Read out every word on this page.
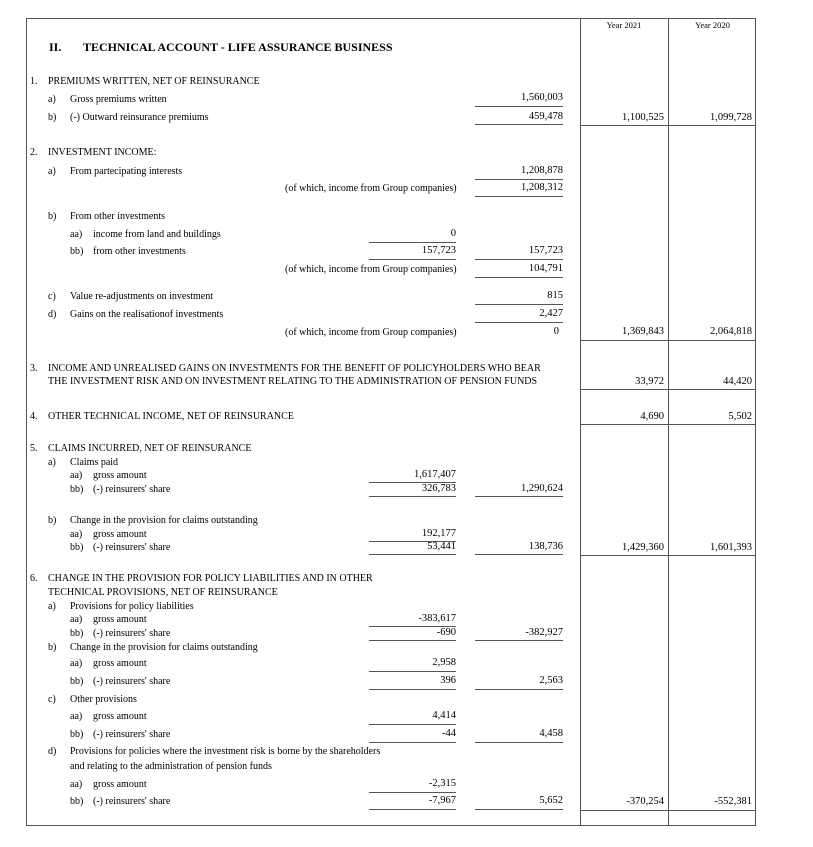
Year 2021	Year 2020
II. TECHNICAL ACCOUNT - LIFE ASSURANCE BUSINESS
1. PREMIUMS WRITTEN, NET OF REINSURANCE
a) Gross premiums written	1,560,003
b) (-) Outward reinsurance premiums	459,478	1,100,525	1,099,728
2. INVESTMENT INCOME:
a) From partecipating interests	1,208,878
(of which, income from Group companies)	1,208,312
b) From other investments
aa) income from land and buildings	0
bb) from other investments	157,723	157,723
(of which, income from Group companies)	104,791
c) Value re-adjustments on investment	815
d) Gains on the realisationof investments	2,427
(of which, income from Group companies)	0	1,369,843	2,064,818
3. INCOME AND UNREALISED GAINS ON INVESTMENTS FOR THE BENEFIT OF POLICYHOLDERS WHO BEAR
THE INVESTMENT RISK AND ON INVESTMENT RELATING TO THE ADMINISTRATION OF PENSION FUNDS	33,972	44,420
4. OTHER TECHNICAL INCOME, NET OF REINSURANCE	4,690	5,502
5. CLAIMS INCURRED, NET OF REINSURANCE
a) Claims paid
aa) gross amount	1,617,407
bb) (-) reinsurers' share	326,783	1,290,624
b) Change in the provision for claims outstanding
aa) gross amount	192,177
bb) (-) reinsurers' share	53,441	138,736	1,429,360	1,601,393
6. CHANGE IN THE PROVISION FOR POLICY LIABILITIES AND IN OTHER
TECHNICAL PROVISIONS, NET OF REINSURANCE
a) Provisions for policy liabilities
aa) gross amount	-383,617
bb) (-) reinsurers' share	-690	-382,927
b) Change in the provision for claims outstanding
aa) gross amount	2,958
bb) (-) reinsurers' share	396	2,563
c) Other provisions
aa) gross amount	4,414
bb) (-) reinsurers' share	-44	4,458
d) Provisions for policies where the investment risk is borne by the shareholders
and relating to the administration of pension funds
aa) gross amount	-2,315
bb) (-) reinsurers' share	-7,967	5,652	-370,254	-552,381
